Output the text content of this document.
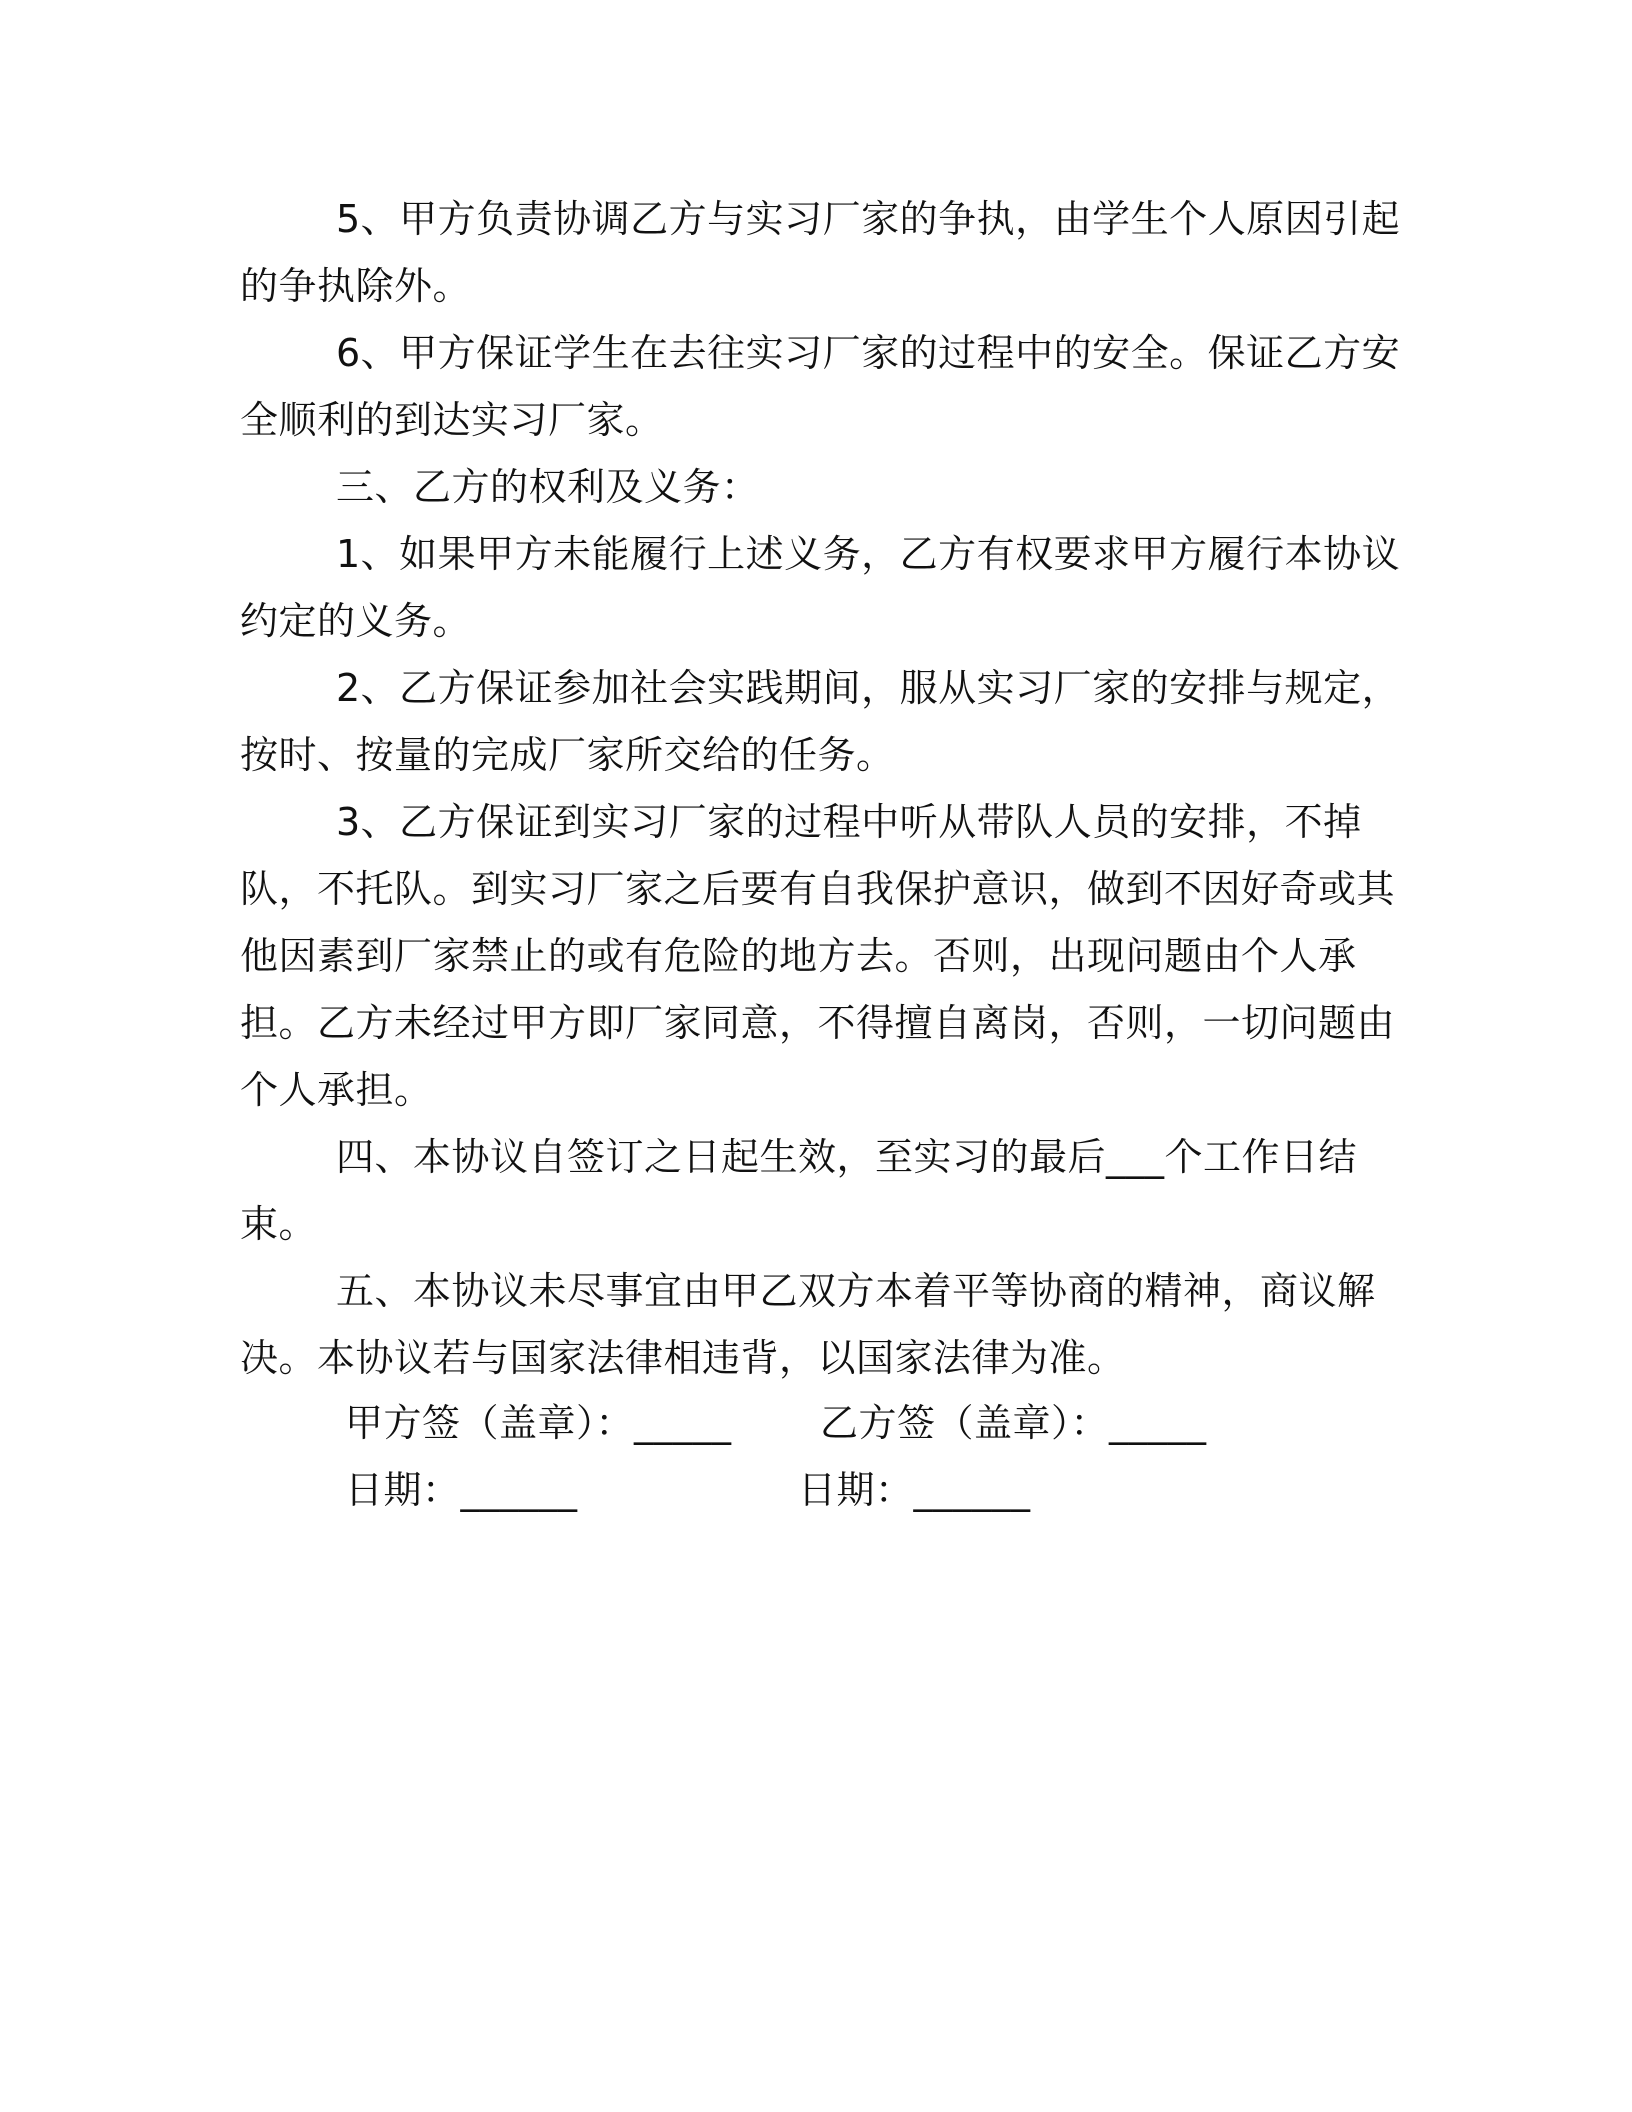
5、甲方负责协调乙方与实习厂家的争执，由学生个人原因引起的争执除外。

6、甲方保证学生在去往实习厂家的过程中的安全。保证乙方安全顺利的到达实习厂家。

三、乙方的权利及义务：

1、如果甲方未能履行上述义务，乙方有权要求甲方履行本协议约定的义务。

2、乙方保证参加社会实践期间，服从实习厂家的安排与规定，按时、按量的完成厂家所交给的任务。

3、乙方保证到实习厂家的过程中听从带队人员的安排，不掉队，不托队。到实习厂家之后要有自我保护意识，做到不因好奇或其他因素到厂家禁止的或有危险的地方去。否则，出现问题由个人承担。乙方未经过甲方即厂家同意，不得擅自离岗，否则，一切问题由个人承担。

四、本协议自签订之日起生效，至实习的最后___个工作日结束。

五、本协议未尽事宜由甲乙双方本着平等协商的精神，商议解决。本协议若与国家法律相违背，以国家法律为准。

甲方签（盖章）：_____ 乙方签（盖章）：_____
日期：______	日期：______
